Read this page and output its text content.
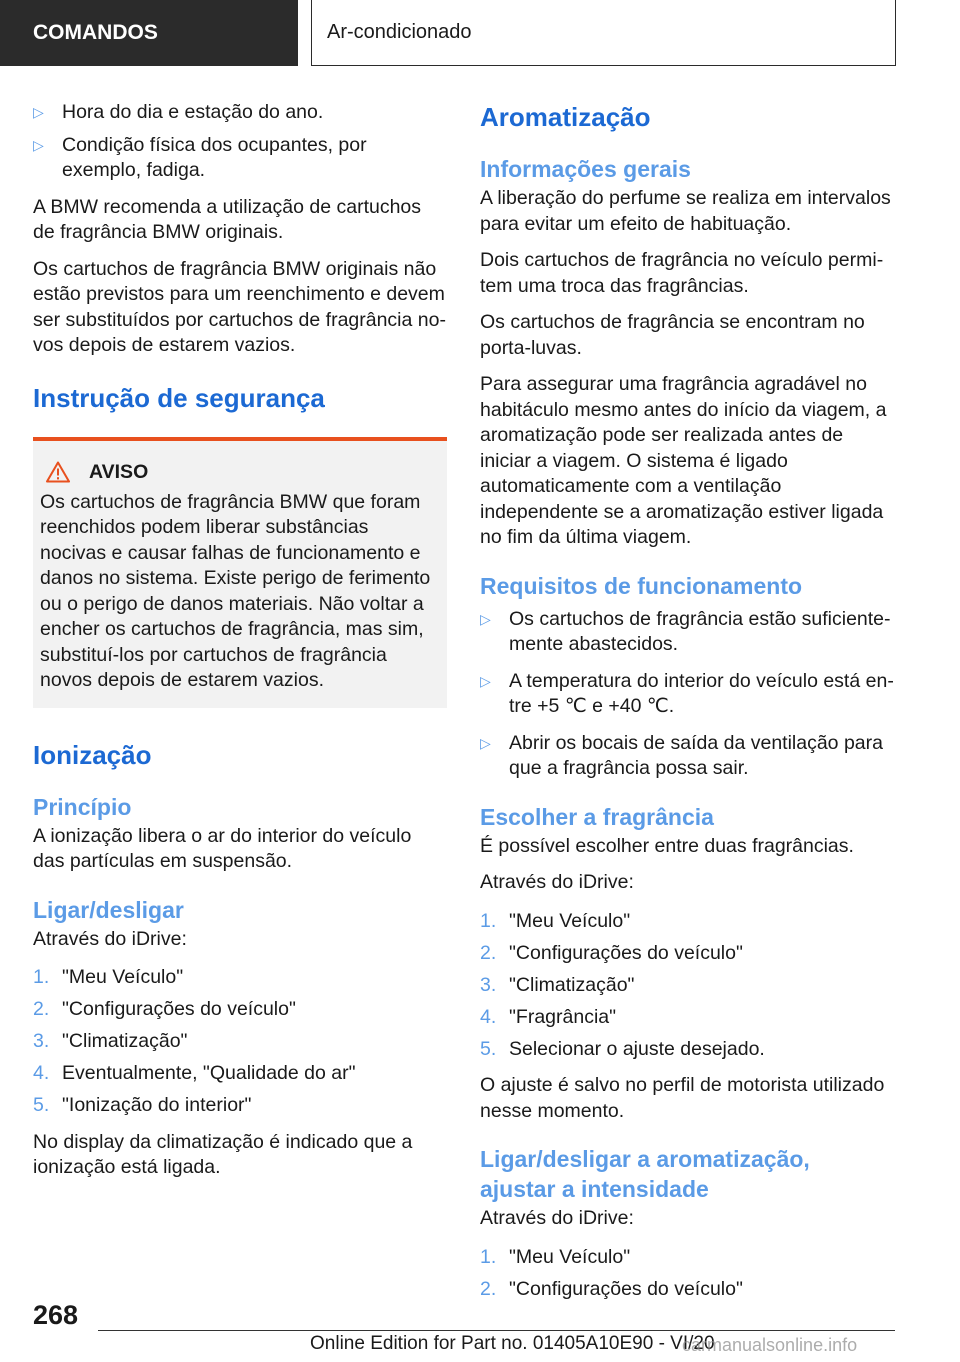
COMANDOS	Ar-condicionado
▷ Hora do dia e estação do ano.
▷ Condição física dos ocupantes, por exemplo, fadiga.

A BMW recomenda a utilização de cartuchos de fragrância BMW originais.

Os cartuchos de fragrância BMW originais não estão previstos para um reenchimento e devem ser substituídos por cartuchos de fragrância novos depois de estarem vazios.

Instrução de segurança
AVISO

Os cartuchos de fragrância BMW que foram reenchidos podem liberar substâncias nocivas e causar falhas de funcionamento e danos no sistema. Existe perigo de ferimento ou o perigo de danos materiais. Não voltar a encher os cartuchos de fragrância, mas sim, substituí-los por cartuchos de fragrância novos depois de estarem vazios.

Ionização
Princípio

A ionização libera o ar do interior do veículo das partículas em suspensão.

Ligar/desligar

Através do iDrive:

1. "Meu Veículo"
2. "Configurações do veículo"
3. "Climatização"
4. Eventualmente, "Qualidade do ar"
5. "Ionização do interior"

No display da climatização é indicado que a ionização está ligada.

Aromatização
Informações gerais

A liberação do perfume se realiza em intervalos para evitar um efeito de habituação.

Dois cartuchos de fragrância no veículo permitem uma troca das fragrâncias.

Os cartuchos de fragrância se encontram no porta-luvas.

Para assegurar uma fragrância agradável no habitáculo mesmo antes do início da viagem, a aromatização pode ser realizada antes de iniciar a viagem. O sistema é ligado automaticamente com a ventilação independente se a aromatização estiver ligada no fim da última viagem.

Requisitos de funcionamento
▷ Os cartuchos de fragrância estão suficientemente abastecidos.
▷ A temperatura do interior do veículo está entre +5 ℃ e +40 ℃.
▷ Abrir os bocais de saída da ventilação para que a fragrância possa sair.
Escolher a fragrância

É possível escolher entre duas fragrâncias.

Através do iDrive:

1. "Meu Veículo"
2. "Configurações do veículo"
3. "Climatização"
4. "Fragrância"
5. Selecionar o ajuste desejado.

O ajuste é salvo no perfil de motorista utilizado nesse momento.

Ligar/desligar a aromatização, ajustar a intensidade

Através do iDrive:

1. "Meu Veículo"
2. "Configurações do veículo"
268
Online Edition for Part no. 01405A10E90 - VI/20
carmanualsonline.info
